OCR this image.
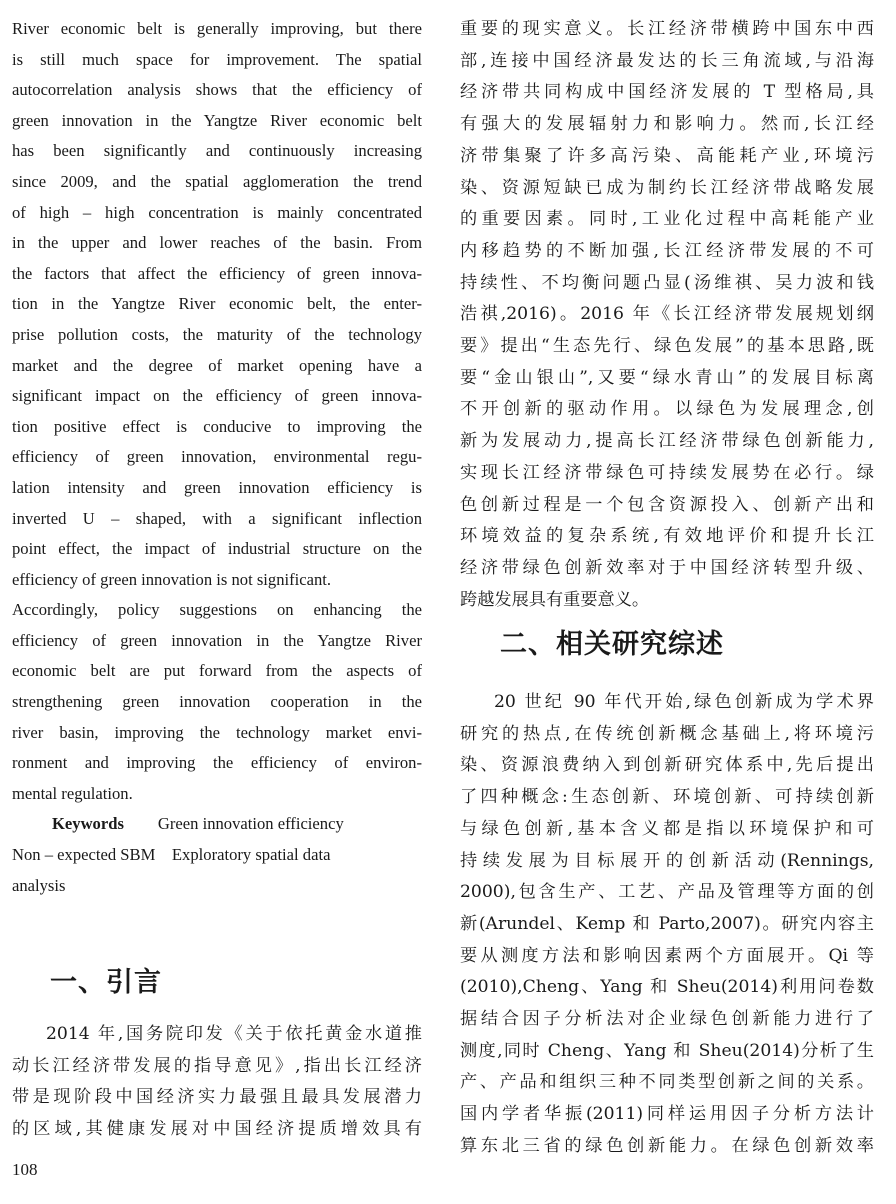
River economic belt is generally improving, but there

is still much space for improvement. The spatial

autocorrelation analysis shows that the efficiency of

green innovation in the Yangtze River economic belt

has been significantly and continuously increasing

since 2009, and the spatial agglomeration the trend

of high – high concentration is mainly concentrated

in the upper and lower reaches of the basin. From

the factors that affect the efficiency of green innova-

tion in the Yangtze River economic belt, the enter-

prise pollution costs, the maturity of the technology

market and the degree of market opening have a

significant impact on the efficiency of green innova-

tion positive effect is conducive to improving the

efficiency of green innovation, environmental regu-

lation intensity and green innovation efficiency is

inverted U – shaped, with a significant inflection

point effect, the impact of industrial structure on the

efficiency of green innovation is not significant.

Accordingly, policy suggestions on enhancing the

efficiency of green innovation in the Yangtze River

economic belt are put forward from the aspects of

strengthening green innovation cooperation in the

river basin, improving the technology market envi-

ronment and improving the efficiency of environ-

mental regulation.

Keywords Green innovation efficiency

Non – expected SBM    Exploratory spatial data

analysis

一、引言

2014 年,国务院印发《关于依托黄金水道推

动长江经济带发展的指导意见》,指出长江经济

带是现阶段中国经济实力最强且最具发展潜力

的区域,其健康发展对中国经济提质增效具有

重要的现实意义。长江经济带横跨中国东中西

部,连接中国经济最发达的长三角流域,与沿海

经济带共同构成中国经济发展的 T 型格局,具

有强大的发展辐射力和影响力。然而,长江经

济带集聚了许多高污染、高能耗产业,环境污

染、资源短缺已成为制约长江经济带战略发展

的重要因素。同时,工业化过程中高耗能产业

内移趋势的不断加强,长江经济带发展的不可

持续性、不均衡问题凸显(汤维祺、吴力波和钱

浩祺,2016)。2016 年《长江经济带发展规划纲

要》提出“生态先行、绿色发展”的基本思路,既

要“金山银山”,又要“绿水青山”的发展目标离

不开创新的驱动作用。以绿色为发展理念,创

新为发展动力,提高长江经济带绿色创新能力,

实现长江经济带绿色可持续发展势在必行。绿

色创新过程是一个包含资源投入、创新产出和

环境效益的复杂系统,有效地评价和提升长江

经济带绿色创新效率对于中国经济转型升级、

跨越发展具有重要意义。

二、相关研究综述

20 世纪 90 年代开始,绿色创新成为学术界

研究的热点,在传统创新概念基础上,将环境污

染、资源浪费纳入到创新研究体系中,先后提出

了四种概念:生态创新、环境创新、可持续创新

与绿色创新,基本含义都是指以环境保护和可

持续发展为目标展开的创新活动(Rennings,

2000),包含生产、工艺、产品及管理等方面的创

新(Arundel、Kemp 和 Parto,2007)。研究内容主

要从测度方法和影响因素两个方面展开。Qi 等

(2010),Cheng、Yang 和 Sheu(2014)利用问卷数

据结合因子分析法对企业绿色创新能力进行了

测度,同时 Cheng、Yang 和 Sheu(2014)分析了生

产、产品和组织三种不同类型创新之间的关系。

国内学者华振(2011)同样运用因子分析方法计

算东北三省的绿色创新能力。在绿色创新效率

108
